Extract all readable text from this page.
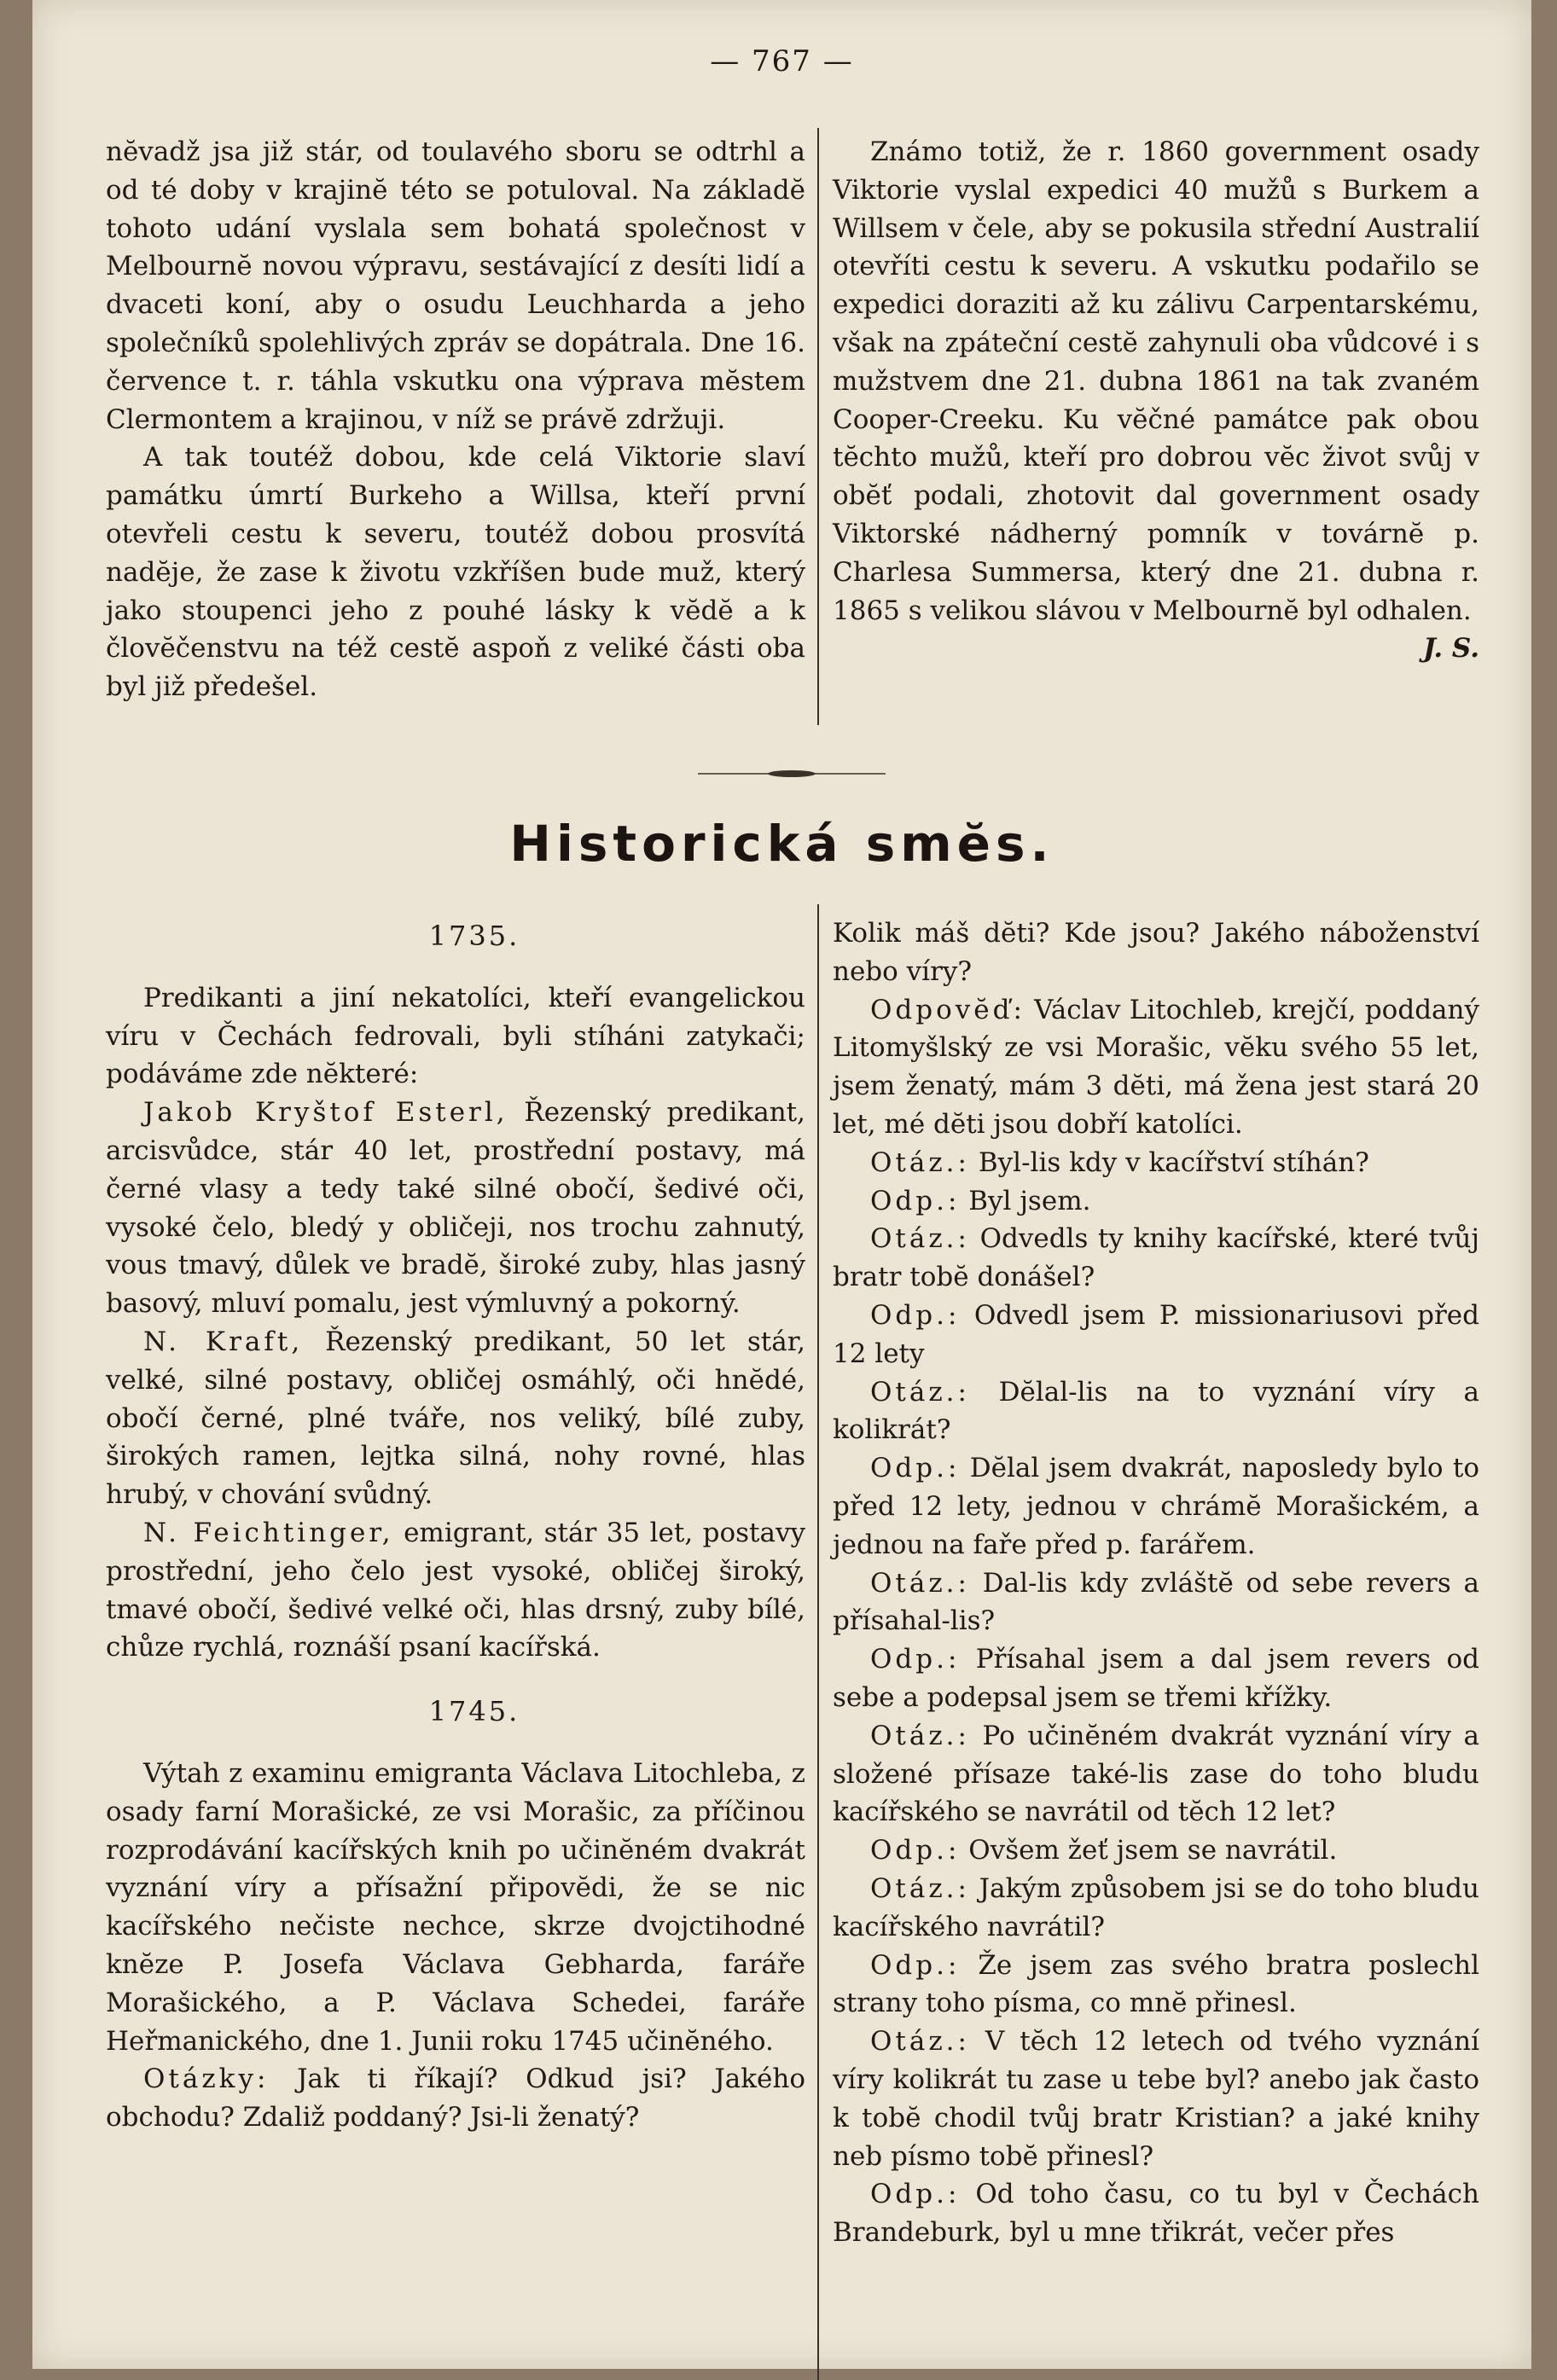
— 767 —

nĕvadž jsa již stár, od toulavého sboru se odtrhl a od té doby v krajinĕ této se potuloval. Na základĕ tohoto udání vyslala sem bohatá společnost v Melbournĕ novou výpravu, sestávající z desíti lidí a dvaceti koní, aby o osudu Leuchharda a jeho společníků spolehlivých zpráv se dopátrala. Dne 16. července t. r. táhla vskutku ona výprava mĕstem Clermontem a krajinou, v níž se právĕ zdržuji.

A tak toutéž dobou, kde celá Viktorie slaví památku úmrtí Burkeho a Willsa, kteří první otevřeli cestu k severu, toutéž dobou prosvítá nadĕje, že zase k životu vzkříšen bude muž, který jako stoupenci jeho z pouhé lásky k vĕdĕ a k človĕčenstvu na též cestĕ aspoň z veliké části oba byl již předešel.

Známo totiž, že r. 1860 government osady Viktorie vyslal expedici 40 mužů s Burkem a Willsem v čele, aby se pokusila střední Australií otevříti cestu k severu. A vskutku podařilo se expedici doraziti až ku zálivu Carpentarskému, však na zpáteční cestĕ zahynuli oba vůdcové i s mužstvem dne 21. dubna 1861 na tak zvaném Cooper-Creeku. Ku vĕčné památce pak obou tĕchto mužů, kteří pro dobrou vĕc život svůj v obĕť podali, zhotovit dal government osady Viktorské nádherný pomník v továrnĕ p. Charlesa Summersa, který dne 21. dubna r. 1865 s velikou slávou v Melbournĕ byl odhalen.

J. S.

Historická smĕs.

1735.

Predikanti a jiní nekatolíci, kteří evangelickou víru v Čechách fedrovali, byli stíháni zatykači; podáváme zde nĕkteré:

Jakob Kryštof Esterl, Řezenský predikant, arcisvůdce, stár 40 let, prostřední postavy, má černé vlasy a tedy také silné obočí, šedivé oči, vysoké čelo, bledý y obličeji, nos trochu zahnutý, vous tmavý, důlek ve bradĕ, široké zuby, hlas jasný basový, mluví pomalu, jest výmluvný a pokorný.

N. Kraft, Řezenský predikant, 50 let stár, velké, silné postavy, obličej osmáhlý, oči hnĕdé, obočí černé, plné tváře, nos veliký, bílé zuby, širokých ramen, lejtka silná, nohy rovné, hlas hrubý, v chování svůdný.

N. Feichtinger, emigrant, stár 35 let, postavy prostřední, jeho čelo jest vysoké, obličej široký, tmavé obočí, šedivé velké oči, hlas drsný, zuby bílé, chůze rychlá, roznáší psaní kacířská.

1745.

Výtah z examinu emigranta Václava Litochleba, z osady farní Morašické, ze vsi Morašic, za příčinou rozprodávání kacířských knih po učinĕném dvakrát vyznání víry a přísažní připovĕdi, že se nic kacířského nečiste nechce, skrze dvojctihodné knĕze P. Josefa Václava Gebharda, faráře Morašického, a P. Václava Schedei, faráře Heřmanického, dne 1. Junii roku 1745 učinĕného.

Otázky: Jak ti říkají? Odkud jsi? Jakého obchodu? Zdaliž poddaný? Jsi-li ženatý?

Kolik máš dĕti? Kde jsou? Jakého náboženství nebo víry?

Odpovĕď: Václav Litochleb, krejčí, poddaný Litomyšlský ze vsi Morašic, vĕku svého 55 let, jsem ženatý, mám 3 dĕti, má žena jest stará 20 let, mé dĕti jsou dobří katolíci.

Otáz.: Byl-lis kdy v kacířství stíhán?

Odp.: Byl jsem.

Otáz.: Odvedls ty knihy kacířské, které tvůj bratr tobĕ donášel?

Odp.: Odvedl jsem P. missionariusovi před 12 lety

Otáz.: Dĕlal-lis na to vyznání víry a kolikrát?

Odp.: Dĕlal jsem dvakrát, naposledy bylo to před 12 lety, jednou v chrámĕ Morašickém, a jednou na faře před p. farářem.

Otáz.: Dal-lis kdy zvláštĕ od sebe revers a přísahal-lis?

Odp.: Přísahal jsem a dal jsem revers od sebe a podepsal jsem se třemi křížky.

Otáz.: Po učinĕném dvakrát vyznání víry a složené přísaze také-lis zase do toho bludu kacířského se navrátil od tĕch 12 let?

Odp.: Ovšem žeť jsem se navrátil.

Otáz.: Jakým způsobem jsi se do toho bludu kacířského navrátil?

Odp.: Že jsem zas svého bratra poslechl strany toho písma, co mnĕ přinesl.

Otáz.: V tĕch 12 letech od tvého vyznání víry kolikrát tu zase u tebe byl? anebo jak často k tobĕ chodil tvůj bratr Kristian? a jaké knihy neb písmo tobĕ přinesl?

Odp.: Od toho času, co tu byl v Čechách Brandeburk, byl u mne třikrát, večer přes
